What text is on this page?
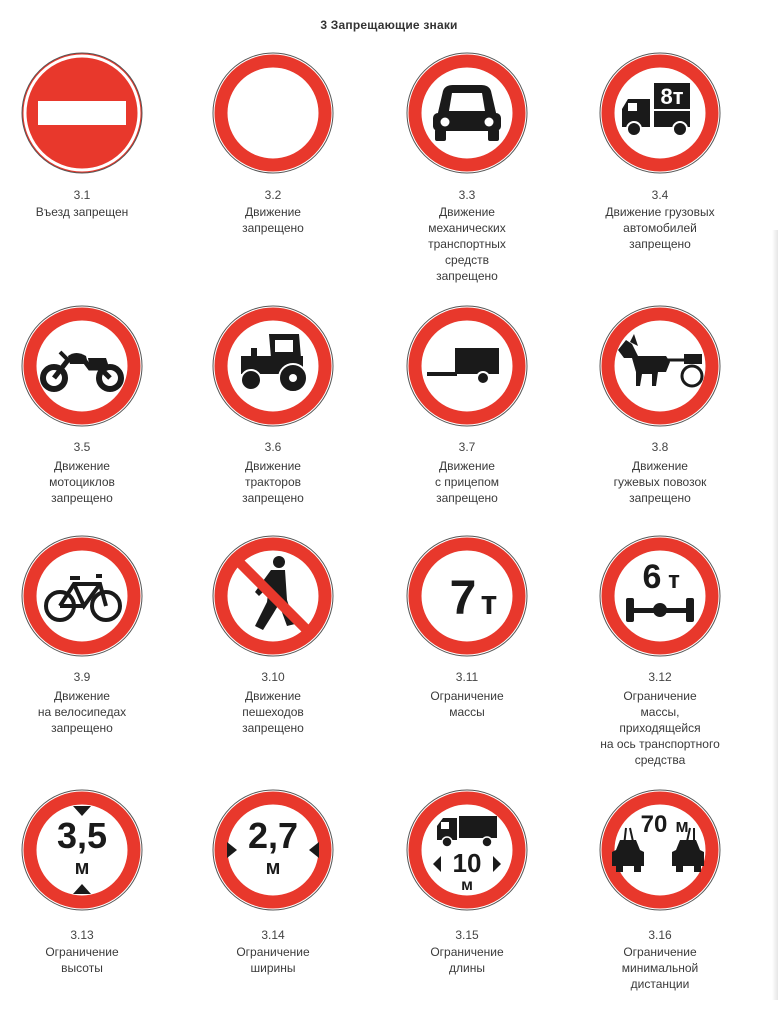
3 Запрещающие знаки
3.1
Въезд запрещен
3.2
Движение
запрещено
3.3
Движение
механических
транспортных
средств
запрещено
8т
3.4
Движение грузовых
автомобилей
запрещено
3.5
Движение
мотоциклов
запрещено
3.6
Движение
тракторов
запрещено
3.7
Движение
с прицепом
запрещено
3.8
Движение
гужевых повозок
запрещено
3.9
Движение
на велосипедах
запрещено
3.10
Движение
пешеходов
запрещено
7 т
3.11
Ограничение
массы
6 т
3.12
Ограничение
массы,
приходящейся
на ось транспортного
средства
3,5
м
3.13
Ограничение
высоты
2,7
м
3.14
Ограничение
ширины
10
м
3.15
Ограничение
длины
70 м
3.16
Ограничение
минимальной
дистанции
